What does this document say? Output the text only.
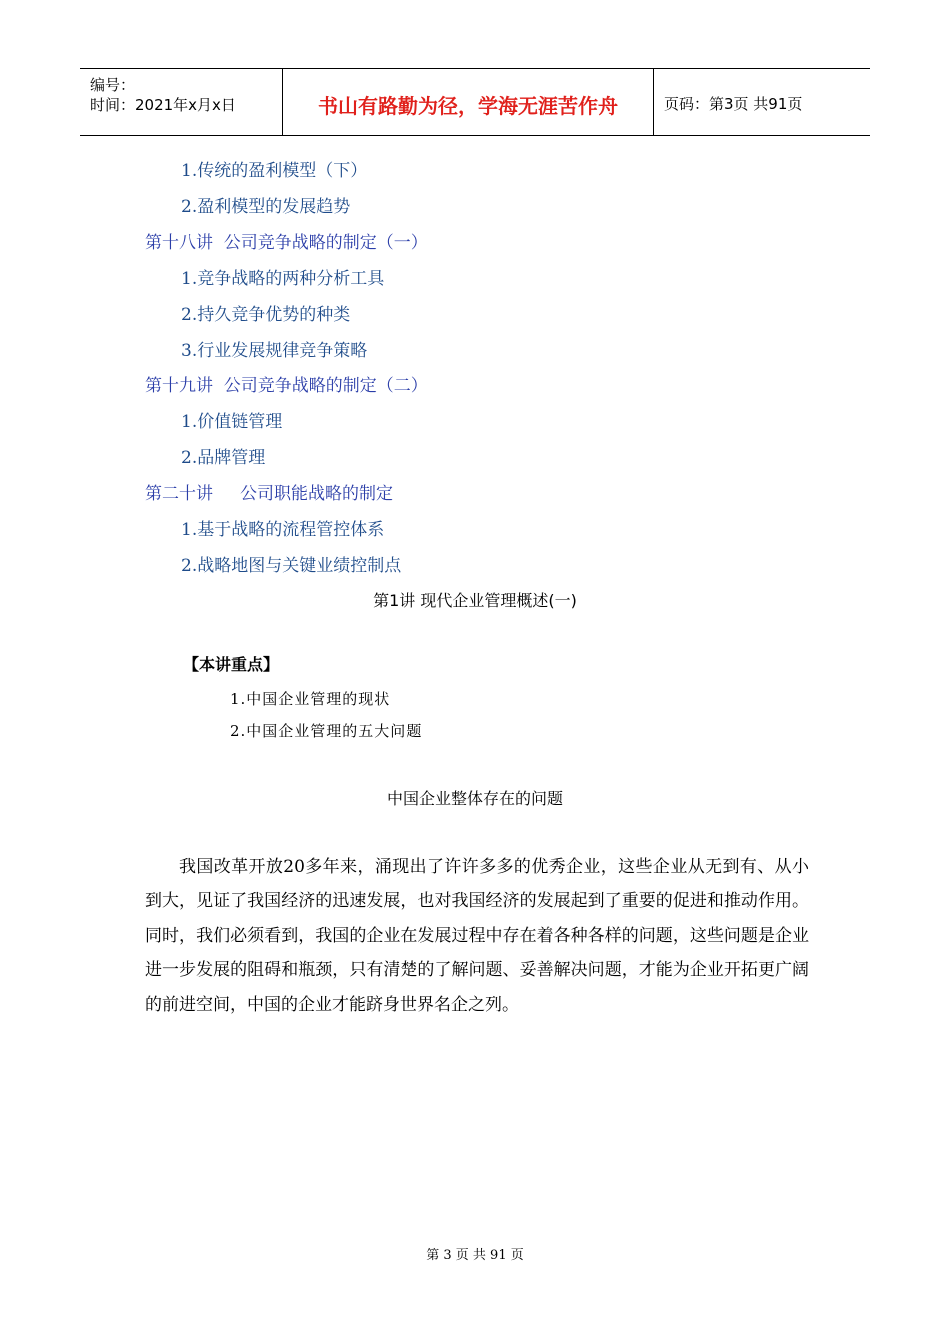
编号：
时间：2021年x月x日	书山有路勤为径，学海无涯苦作舟	页码：第3页 共91页
1.传统的盈利模型（下）
2.盈利模型的发展趋势
第十八讲  公司竞争战略的制定（一）
1.竞争战略的两种分析工具
2.持久竞争优势的种类
3.行业发展规律竞争策略
第十九讲  公司竞争战略的制定（二）
1.价值链管理
2.品牌管理
第二十讲     公司职能战略的制定
1.基于战略的流程管控体系
2.战略地图与关键业绩控制点
第1讲 现代企业管理概述(一)
【本讲重点】
1.中国企业管理的现状
2.中国企业管理的五大问题
中国企业整体存在的问题
我国改革开放20多年来，涌现出了许许多多的优秀企业，这些企业从无到有、从小到大，见证了我国经济的迅速发展，也对我国经济的发展起到了重要的促进和推动作用。同时，我们必须看到，我国的企业在发展过程中存在着各种各样的问题，这些问题是企业进一步发展的阻碍和瓶颈，只有清楚的了解问题、妥善解决问题，才能为企业开拓更广阔的前进空间，中国的企业才能跻身世界名企之列。
第 3 页 共 91 页
